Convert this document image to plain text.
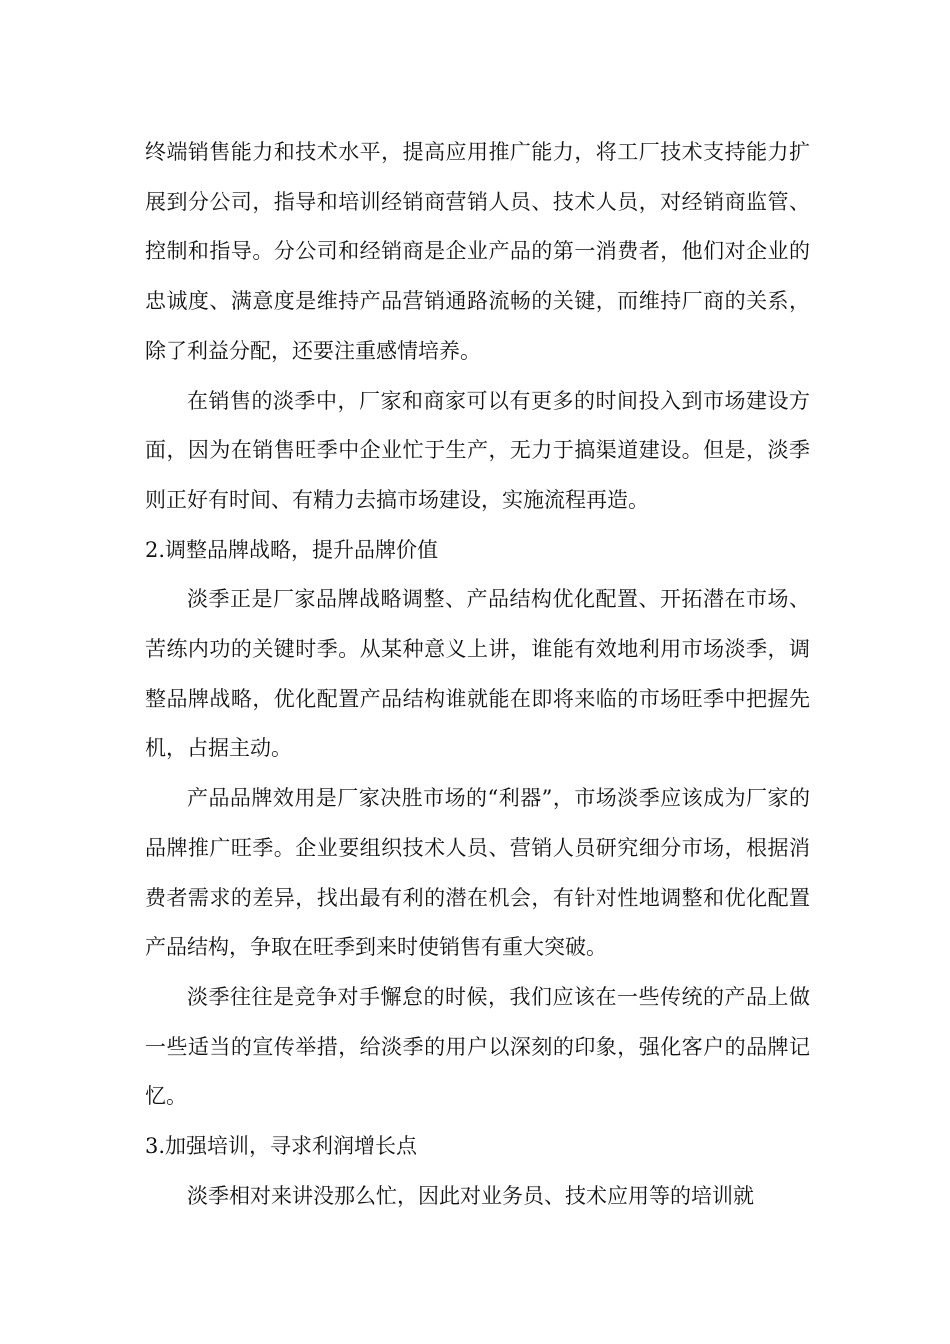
终端销售能力和技术水平，提高应用推广能力，将工厂技术支持能力扩展到分公司，指导和培训经销商营销人员、技术人员，对经销商监管、控制和指导。分公司和经销商是企业产品的第一消费者，他们对企业的忠诚度、满意度是维持产品营销通路流畅的关键，而维持厂商的关系，除了利益分配，还要注重感情培养。

在销售的淡季中，厂家和商家可以有更多的时间投入到市场建设方面，因为在销售旺季中企业忙于生产，无力于搞渠道建设。但是，淡季则正好有时间、有精力去搞市场建设，实施流程再造。

2.调整品牌战略，提升品牌价值

淡季正是厂家品牌战略调整、产品结构优化配置、开拓潜在市场、苦练内功的关键时季。从某种意义上讲，谁能有效地利用市场淡季，调整品牌战略，优化配置产品结构谁就能在即将来临的市场旺季中把握先机，占据主动。

产品品牌效用是厂家决胜市场的“利器”，市场淡季应该成为厂家的品牌推广旺季。企业要组织技术人员、营销人员研究细分市场，根据消费者需求的差异，找出最有利的潜在机会，有针对性地调整和优化配置产品结构，争取在旺季到来时使销售有重大突破。

淡季往往是竞争对手懈怠的时候，我们应该在一些传统的产品上做一些适当的宣传举措，给淡季的用户以深刻的印象，强化客户的品牌记忆。

3.加强培训，寻求利润增长点

淡季相对来讲没那么忙，因此对业务员、技术应用等的培训就
